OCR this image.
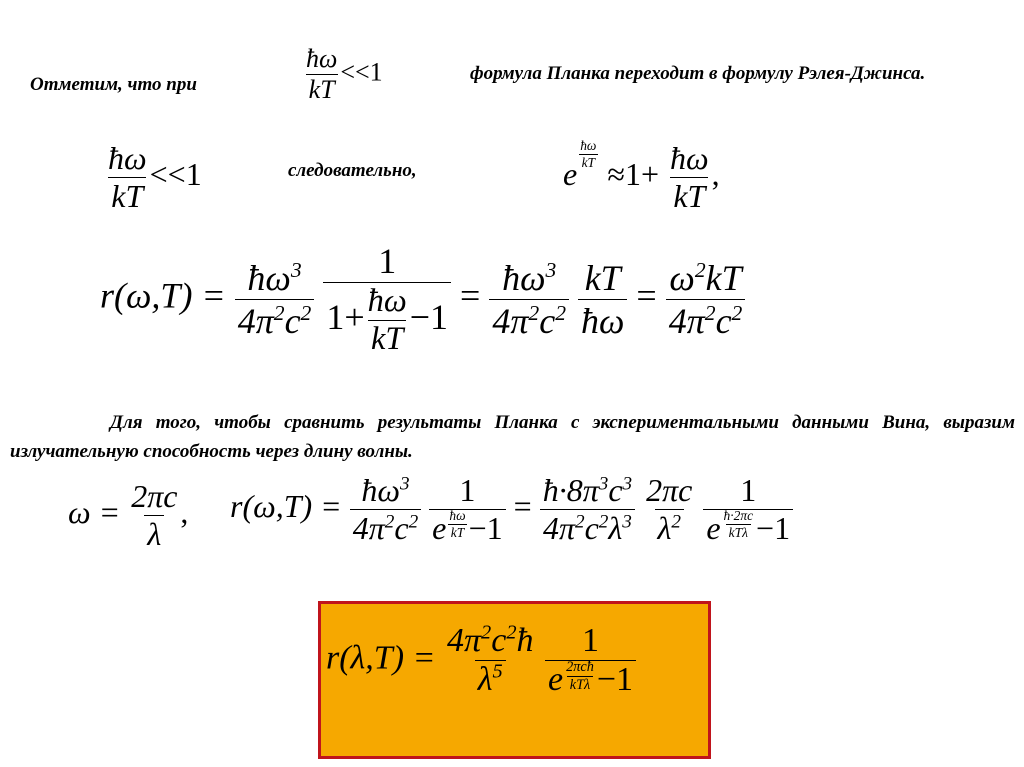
Отметим, что при	$\frac{ħ\omega}{kT} <<1$	формула Планка переходит в формулу Рэлея-Джинса.
$\frac{ħ\omega}{kT} <<1$	следовательно,	e
$\frac{ħ\omega}{kT}$
$\approx 1+ \frac{ħ\omega}{kT}$ ,
$r(\omega,T) = \frac{ħ\omega^3}{4\pi^2c^2}$
$\frac{1}{1+ \frac{ħ\omega}{kT} -1} = \frac{ħ\omega^3}{4\pi^2c^2}$
$\frac{kT}{ħ\omega} = \frac{\omega^2kT}{4\pi^2c^2}$
Для того, чтобы сравнить результаты Планка с экспериментальными данными Вина, выразим излучательную способность через длину волны.
$\omega = \frac{2\pi c}{\lambda}$ , $r(\omega,T) = \frac{ħ\omega^3}{4\pi^2c^2}$
$\frac{1}{e \frac{ħ\omega}{kT} -1} = \frac{ħ\cdot 8\pi^3c^3}{4\pi^2c^2\lambda^3}$
$\frac{2\pi c}{\lambda^2}$
$\frac{1}{e \frac{ħ\cdot 2\pi c}{\text{kTλ}} -1}$
$r(\lambda,T) = \frac{4\pi^2c^2ħ}{\lambda^5}$
$\frac{1}{e \frac{\text{2πcħ}}{\text{kTλ}} -1}$
